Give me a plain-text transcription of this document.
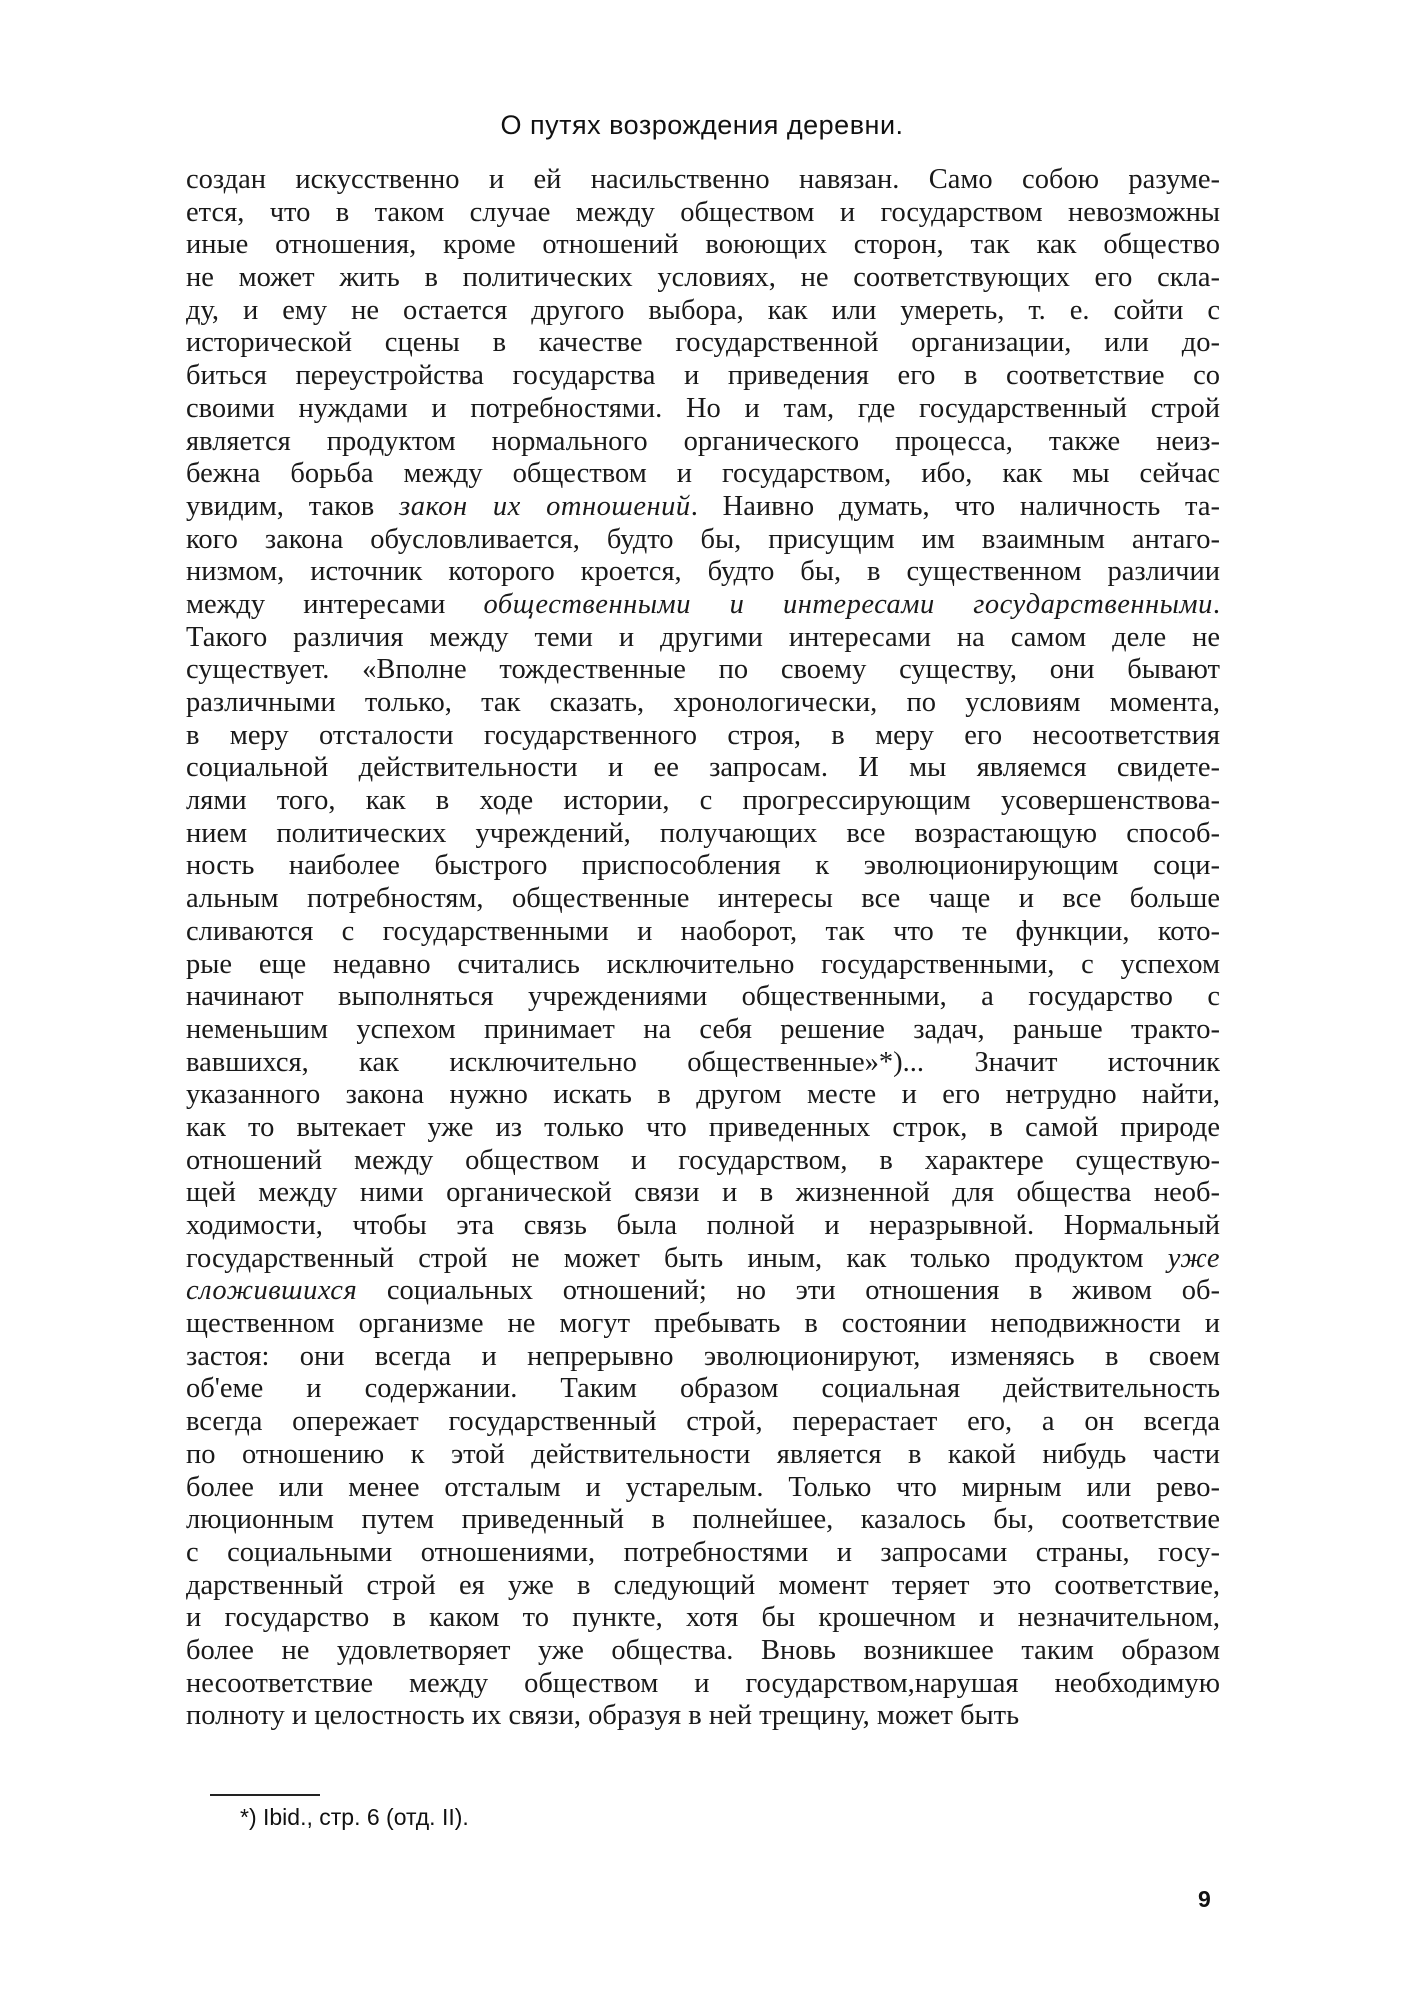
О путях возрождения деревни.
создан искусственно и ей насильственно навязан. Само собою разуме-
ется, что в таком случае между обществом и государством невозможны
иные отношения, кроме отношений воюющих сторон, так как общество
не может жить в политических условиях, не соответствующих его скла-
ду, и ему не остается другого выбора, как или умереть, т. е. сойти с
исторической сцены в качестве государственной организации, или до-
биться переустройства государства и приведения его в соответствие со
своими нуждами и потребностями. Но и там, где государственный строй
является продуктом нормального органического процесса, также неиз-
бежна борьба между обществом и государством, ибо, как мы сейчас
увидим, таков закон их отношений. Наивно думать, что наличность та-
кого закона обусловливается, будто бы, присущим им взаимным антаго-
низмом, источник которого кроется, будто бы, в существенном различии
между интересами общественными и интересами государственными.
Такого различия между теми и другими интересами на самом деле не
существует. «Вполне тождественные по своему существу, они бывают
различными только, так сказать, хронологически, по условиям момента,
в меру отсталости государственного строя, в меру его несоответствия
социальной действительности и ее запросам. И мы являемся свидете-
лями того, как в ходе истории, с прогрессирующим усовершенствова-
нием политических учреждений, получающих все возрастающую способ-
ность наиболее быстрого приспособления к эволюционирующим соци-
альным потребностям, общественные интересы все чаще и все больше
сливаются с государственными и наоборот, так что те функции, кото-
рые еще недавно считались исключительно государственными, с успехом
начинают выполняться учреждениями общественными, а государство с
неменьшим успехом принимает на себя решение задач, раньше тракто-
вавшихся, как исключительно общественные»*)... Значит источник
указанного закона нужно искать в другом месте и его нетрудно найти,
как то вытекает уже из только что приведенных строк, в самой природе
отношений между обществом и государством, в характере существую-
щей между ними органической связи и в жизненной для общества необ-
ходимости, чтобы эта связь была полной и неразрывной. Нормальный
государственный строй не может быть иным, как только продуктом уже
сложившихся социальных отношений; но эти отношения в живом об-
щественном организме не могут пребывать в состоянии неподвижности и
застоя: они всегда и непрерывно эволюционируют, изменяясь в своем
об'еме и содержании. Таким образом социальная действительность
всегда опережает государственный строй, перерастает его, а он всегда
по отношению к этой действительности является в какой нибудь части
более или менее отсталым и устарелым. Только что мирным или рево-
люционным путем приведенный в полнейшее, казалось бы, соответствие
с социальными отношениями, потребностями и запросами страны, госу-
дарственный строй ея уже в следующий момент теряет это соответствие,
и государство в каком то пункте, хотя бы крошечном и незначительном,
более не удовлетворяет уже общества. Вновь возникшее таким образом
несоответствие между обществом и государством,нарушая необходимую
полноту и целостность их связи, образуя в ней трещину, может быть
*) Ibid., стр. 6 (отд. II).
9
